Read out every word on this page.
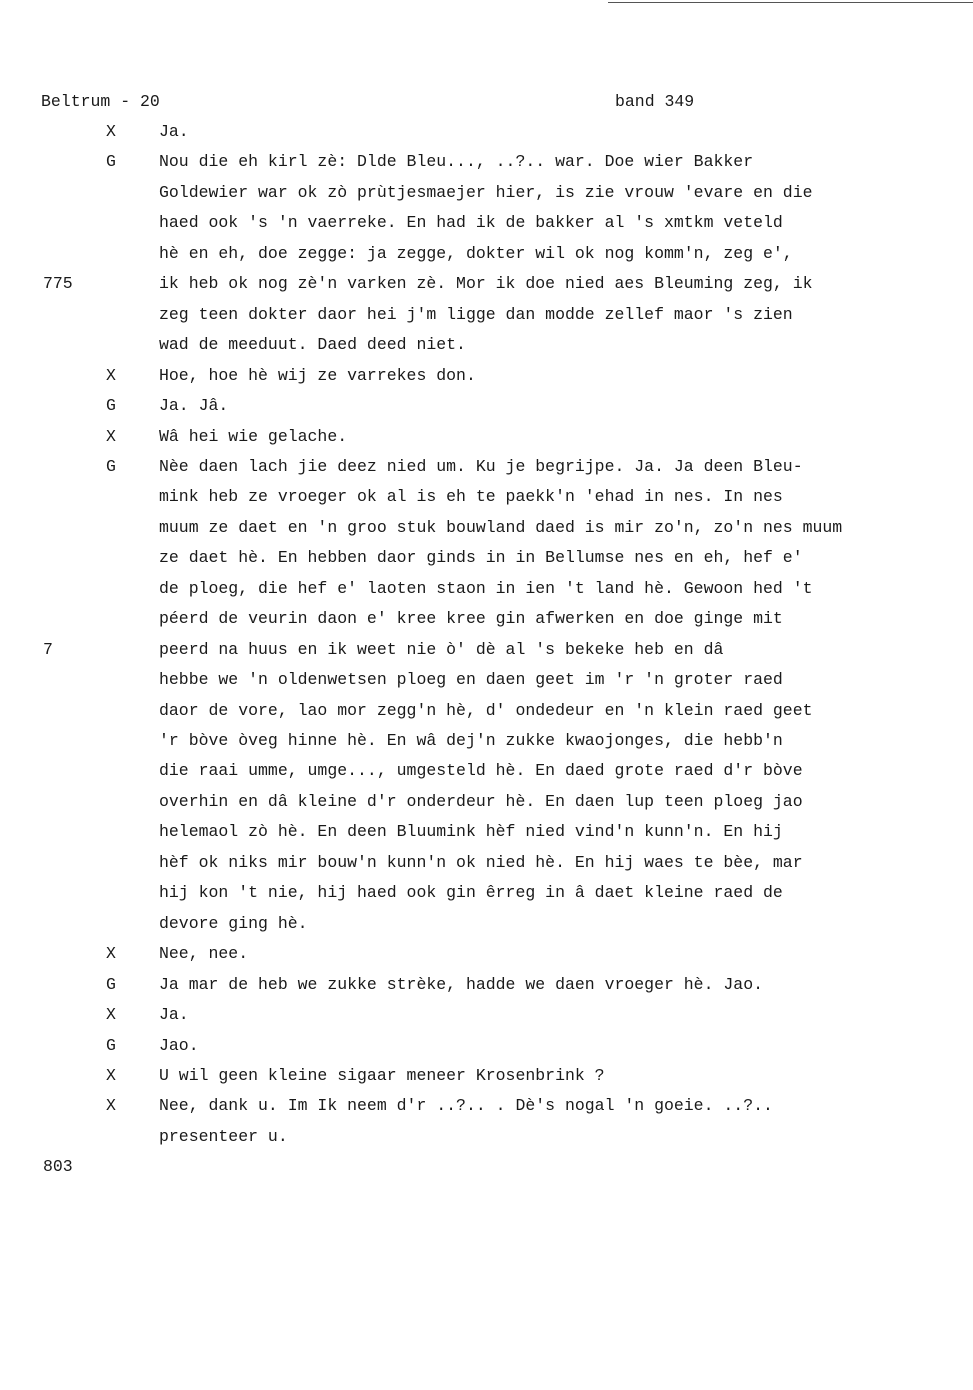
Beltrum - 20	band 349
X	Ja.
G	Nou die eh kirl zè: Dlde Bleu..., ..?.. war. Doe wier Bakker
Goldewier war ok zò prùtjesmaejer hier, is zie vrouw 'evare en die
haed ook 's 'n vaerreke. En had ik de bakker al 's xmtkm veteld
hè en eh, doe zegge: ja zegge, dokter wil ok nog komm'n, zeg e',
775	ik heb ok nog zè'n varken zè. Mor ik doe nied aes Bleuming zeg, ik
zeg teen dokter daor hei j'm ligge dan modde zellef maor 's zien
wad de meeduut. Daed deed niet.
X	Hoe, hoe hè wij ze varrekes don.
G	Ja. Jâ.
X	Wâ hei wie gelache.
G	Nèe daen lach jie deez nied um. Ku je begrijpe. Ja. Ja deen Bleu-
mink heb ze vroeger ok al is eh te paekk'n 'ehad in nes. In nes
muum ze daet en 'n groo stuk bouwland daed is mir zo'n, zo'n nes muum
ze daet hè. En hebben daor ginds in in Bellumse nes en eh, hef e'
de ploeg, die hef e' laoten staon in ien 't land hè. Gewoon hed 't
péerd de veurin daon e' kree kree gin afwerken en doe ginge mit
7	peerd na huus en ik weet nie ò' dè al 's bekeke heb en dâ
hebbe we 'n oldenwetsen ploeg en daen geet im 'r 'n groter raed
daor de vore, lao mor zegg'n hè, d' ondedeur en 'n klein raed geet
'r bòve òveg hinne hè. En wâ dej'n zukke kwaojonges, die hebb'n
die raai umme, umge..., umgesteld hè. En daed grote raed d'r bòve
overhin en dâ kleine d'r onderdeur hè. En daen lup teen ploeg jao
helemaol zò hè. En deen Bluumink hèf nied vind'n kunn'n. En hij
hèf ok niks mir bouw'n kunn'n ok nied hè. En hij waes te bèe, mar
hij kon 't nie, hij haed ook gin êrreg in â daet kleine raed de
devore ging hè.
X	Nee, nee.
G	Ja mar de heb we zukke strèke, hadde we daen vroeger hè. Jao.
X	Ja.
G	Jao.
X	U wil geen kleine sigaar meneer Krosenbrink ?
X	Nee, dank u. Im Ik neem d'r ..?.. . Dè's nogal 'n goeie. ..?..
presenteer u.
803
